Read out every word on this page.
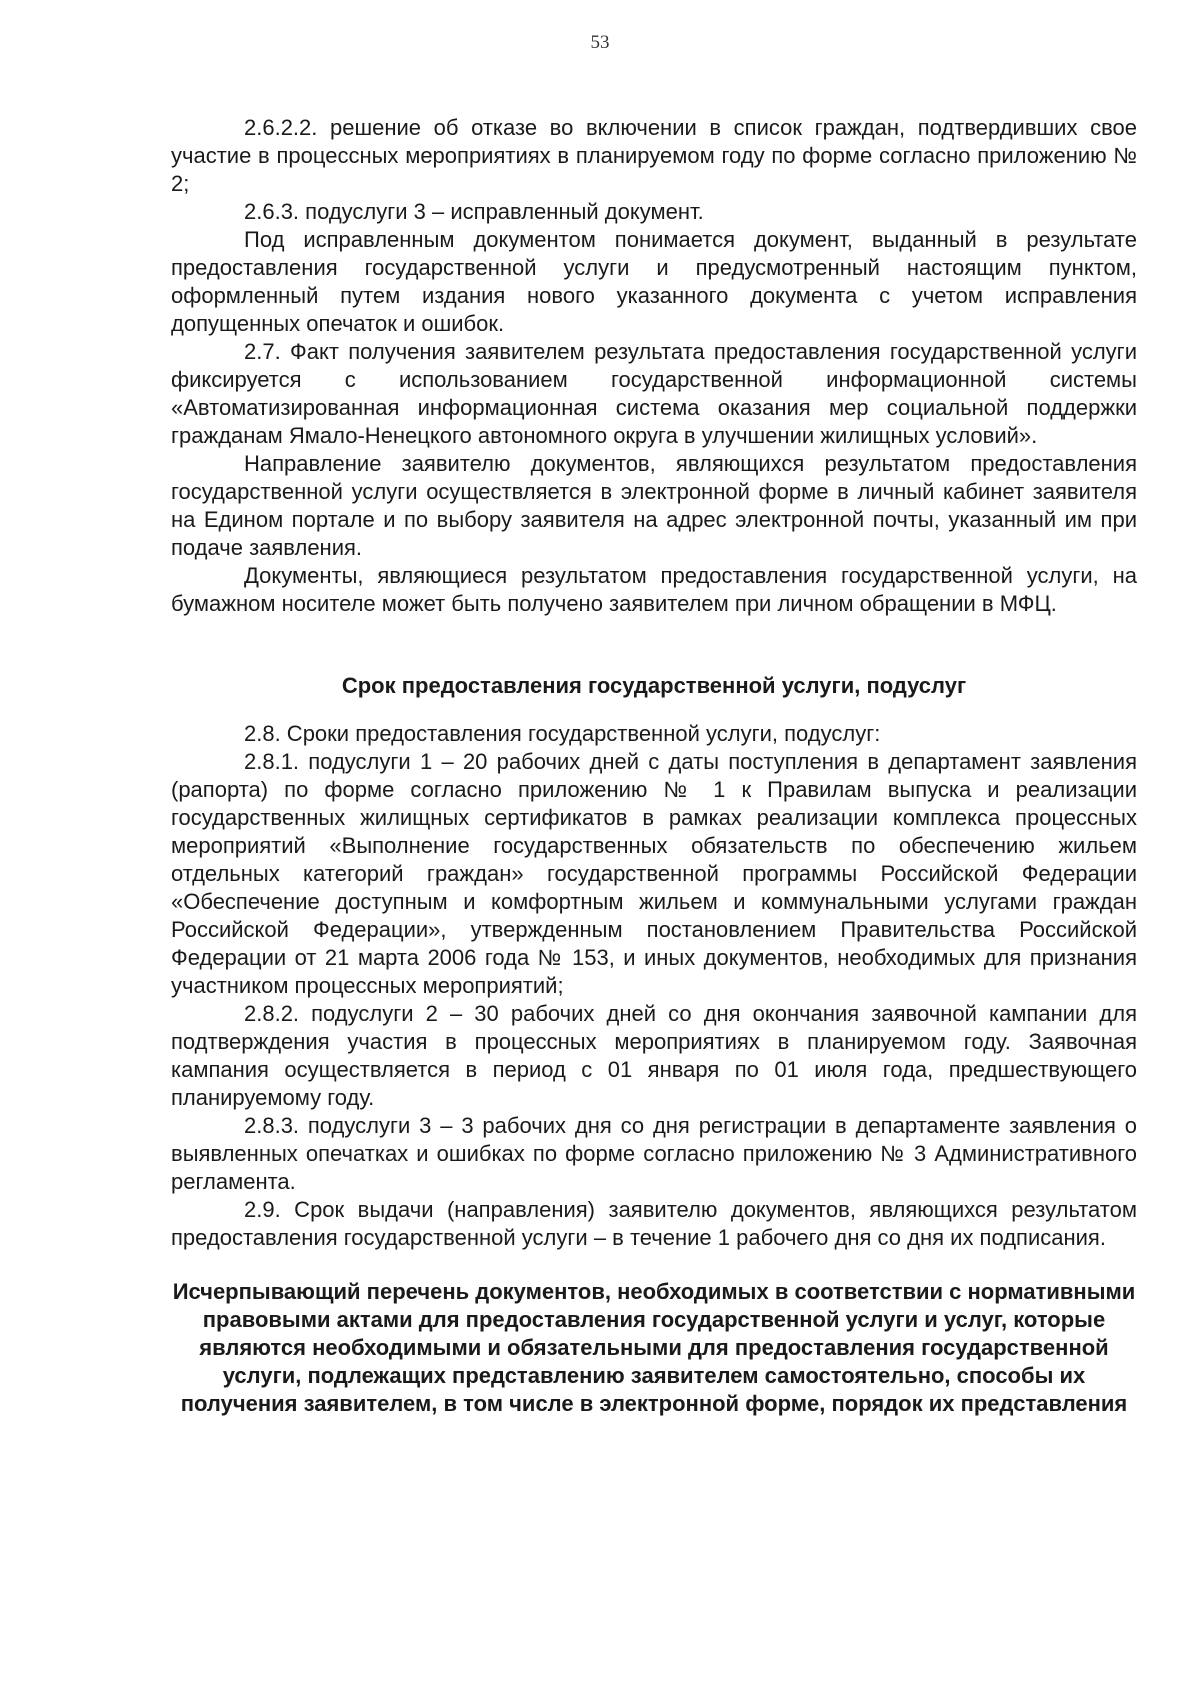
53

2.6.2.2. решение об отказе во включении в список граждан, подтвердивших свое участие в процессных мероприятиях в планируемом году по форме согласно приложению № 2;

2.6.3. подуслуги 3 – исправленный документ.

Под исправленным документом понимается документ, выданный в результате предоставления государственной услуги и предусмотренный настоящим пунктом, оформленный путем издания нового указанного документа с учетом исправления допущенных опечаток и ошибок.

2.7. Факт получения заявителем результата предоставления государственной услуги фиксируется с использованием государственной информационной системы «Автоматизированная информационная система оказания мер социальной поддержки гражданам Ямало-Ненецкого автономного округа в улучшении жилищных условий».

Направление заявителю документов, являющихся результатом предоставления государственной услуги осуществляется в электронной форме в личный кабинет заявителя на Едином портале и по выбору заявителя на адрес электронной почты, указанный им при подаче заявления.

Документы, являющиеся результатом предоставления государственной услуги, на бумажном носителе может быть получено заявителем при личном обращении в МФЦ.

Срок предоставления государственной услуги, подуслуг

2.8. Сроки предоставления государственной услуги, подуслуг:

2.8.1. подуслуги 1 – 20 рабочих дней с даты поступления в департамент заявления (рапорта) по форме согласно приложению № 1 к Правилам выпуска и реализации государственных жилищных сертификатов в рамках реализации комплекса процессных мероприятий «Выполнение государственных обязательств по обеспечению жильем отдельных категорий граждан» государственной программы Российской Федерации «Обеспечение доступным и комфортным жильем и коммунальными услугами граждан Российской Федерации», утвержденным постановлением Правительства Российской Федерации от 21 марта 2006 года № 153, и иных документов, необходимых для признания участником процессных мероприятий;

2.8.2. подуслуги 2 – 30 рабочих дней со дня окончания заявочной кампании для подтверждения участия в процессных мероприятиях в планируемом году. Заявочная кампания осуществляется в период с 01 января по 01 июля года, предшествующего планируемому году.

2.8.3. подуслуги 3 – 3 рабочих дня со дня регистрации в департаменте заявления о выявленных опечатках и ошибках по форме согласно приложению № 3 Административного регламента.

2.9. Срок выдачи (направления) заявителю документов, являющихся результатом предоставления государственной услуги – в течение 1 рабочего дня со дня их подписания.

Исчерпывающий перечень документов, необходимых в соответствии с нормативными правовыми актами для предоставления государственной услуги и услуг, которые являются необходимыми и обязательными для предоставления государственной услуги, подлежащих представлению заявителем самостоятельно, способы их получения заявителем, в том числе в электронной форме, порядок их представления
